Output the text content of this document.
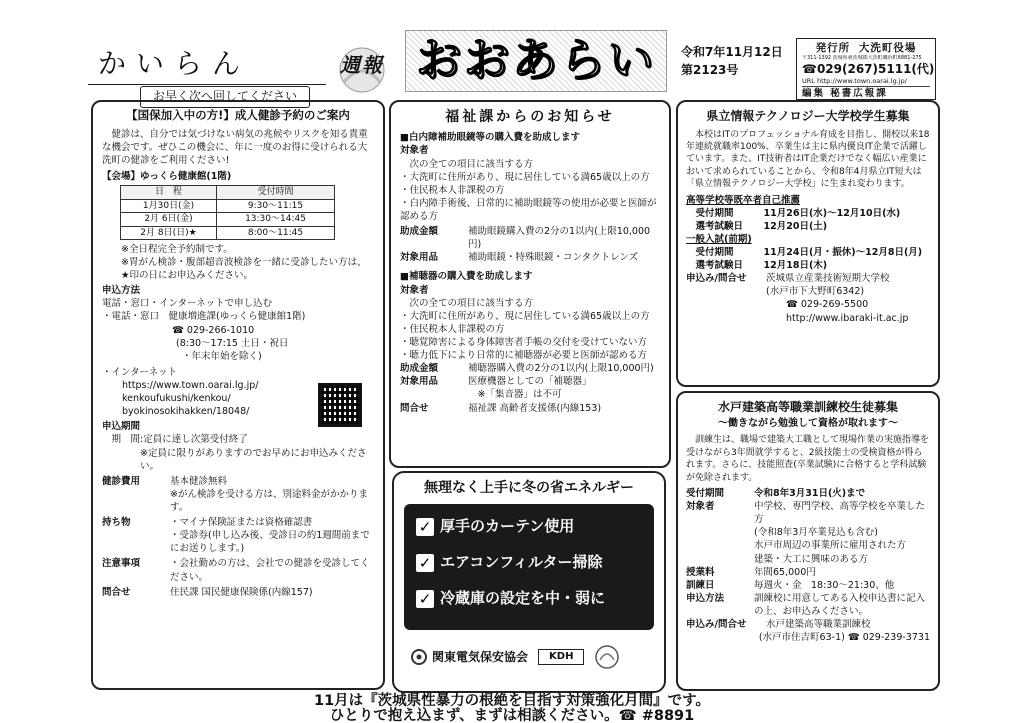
かいらん
お早く次へ回してください
週報 おおあらい	令和7年11月12日
第2123号
発行所 大洗町役場
〒311-1392 茨城県東茨城郡大洗町磯浜町6881-275
☎029(267)5111(代)
URL http://www.town.oarai.lg.jp/
編集 秘書広報課
【国保加入中の方!】成人健診予約のご案内
健診は、自分では気づけない病気の兆候やリスクを知る貴重な機会です。ぜひこの機会に、年に一度のお得に受けられる大洗町の健診をご利用ください!
【会場】ゆっくら健康館(1階)
日　程	受付時間
1月30日(金)	9:30～11:15
2月 6日(金)	13:30～14:45
2月 8日(日)★	8:00～11:45
※全日程完全予約制です。
※胃がん検診・腹部超音波検診を一緒に受診したい方は、★印の日にお申込みください。
申込方法
電話・窓口・インターネットで申し込む
・電話・窓口　健康増進課(ゆっくら健康館1階)
☎ 029-266-1010
(8:30～17:15 土日・祝日
・年末年始を除く)
・インターネット
https://www.town.oarai.lg.jp/
kenkoufukushi/kenkou/
byokinosokihakken/18048/
申込期間
期　間:定員に達し次第受付終了
※定員に限りがありますのでお早めにお申込みください。
健診費用	基本健診無料
※がん検診を受ける方は、別途料金がかかります。
持ち物	・マイナ保険証または資格確認書
・受診券(申し込み後、受診日の約1週間前までにお送りします。)
注意事項	・会社勤めの方は、会社での健診を受診してください。
問合せ	住民課 国民健康保険係(内線157)
福祉課からのお知らせ
■白内障補助眼鏡等の購入費を助成します
対象者
次の全ての項目に該当する方
・大洗町に住所があり、現に居住している満65歳以上の方
・住民税本人非課税の方
・白内障手術後、日常的に補助眼鏡等の使用が必要と医師が認める方
助成金額	補助眼鏡購入費の2分の1以内(上限10,000円)
対象用品	補助眼鏡・特殊眼鏡・コンタクトレンズ
■補聴器の購入費を助成します
対象者
次の全ての項目に該当する方
・大洗町に住所があり、現に居住している満65歳以上の方
・住民税本人非課税の方
・聴覚障害による身体障害者手帳の交付を受けていない方
・聴力低下により日常的に補聴器が必要と医師が認める方
助成金額	補聴器購入費の2分の1以内(上限10,000円)
対象用品	医療機器としての「補聴器」
※「集音器」は不可
問合せ	福祉課 高齢者支援係(内線153)
無理なく上手に冬の省エネルギー
✓ 厚手のカーテン使用
✓ エアコンフィルター掃除
✓ 冷蔵庫の設定を中・弱に
関東電気保安協会	KDH
県立情報テクノロジー大学校学生募集
本校はITのプロフェッショナル育成を目指し、開校以来18年連続就職率100%、卒業生は主に県内優良IT企業で活躍しています。また、IT技術者はIT企業だけでなく幅広い産業において求められていることから、令和8年4月県立IT短大は「県立情報テクノロジー大学校」に生まれ変わります。
高等学校等既卒者自己推薦
受付期間	11月26日(水)～12月10日(水)
選考試験日	12月20日(土)
一般入試(前期)
受付期間	11月24日(月・振休)～12月8日(月)
選考試験日	12月18日(木)
申込み/問合せ	茨城県立産業技術短期大学校
(水戸市下大野町6342)
☎ 029-269-5500
http://www.ibaraki-it.ac.jp
水戸建築高等職業訓練校生徒募集
～働きながら勉強して資格が取れます～
訓練生は、職場で建築大工職として現場作業の実施指導を受けながら3年間就学すると、2級技能士の受検資格が得られます。さらに、技能照査(卒業試験)に合格すると学科試験が免除されます。
受付期間	令和8年3月31日(火)まで
対象者	中学校、専門学校、高等学校を卒業した方
(令和8年3月卒業見込も含む)
水戸市周辺の事業所に雇用された方
建築・大工に興味のある方
授業料	年間65,000円
訓練日	毎週火・金　18:30～21:30、他
申込方法	訓練校に用意してある入校申込書に記入の上、お申込みください。
申込み/問合せ	水戸建築高等職業訓練校
(水戸市住吉町63-1) ☎ 029-239-3731
11月は『茨城県性暴力の根絶を目指す対策強化月間』です。
ひとりで抱え込まず、まずは相談ください。☎ #8891
